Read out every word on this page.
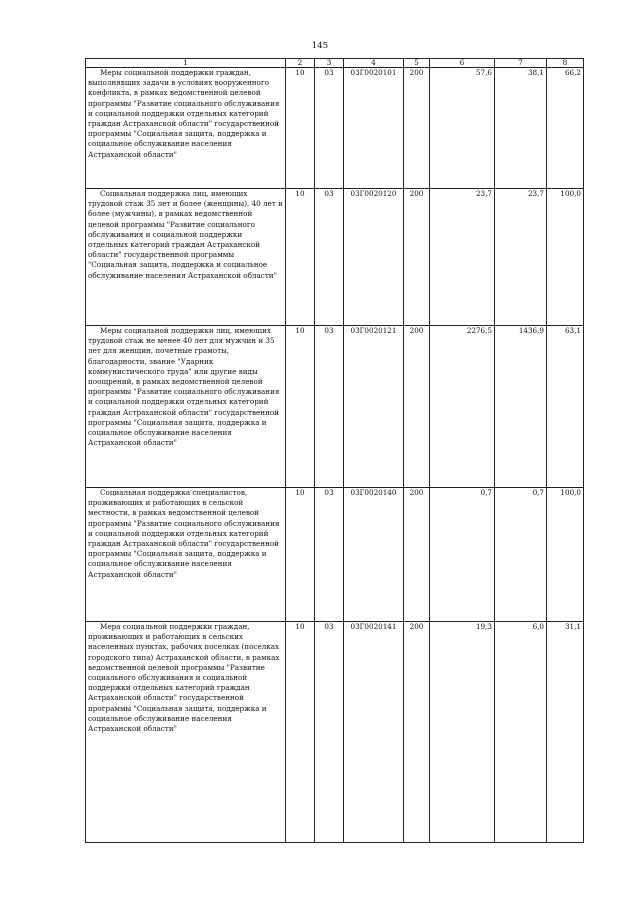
145
1	2	3	4	5	6	7	8
Меры социальной поддержки граждан, выполнявших задачи в условиях вооруженного конфликта, в рамках ведомственной целевой программы "Развитие социального обслуживания и социальной поддержки отдельных категорий граждан Астраханской области" государственной программы "Социальная защита, поддержка и социальное обслуживание населения Астраханской области"	10	03	03Г0020101	200	57,6	38,1	66,2
Социальная поддержка лиц, имеющих трудовой стаж 35 лет и более (женщины), 40 лет и более (мужчины), в рамках ведомственной целевой программы "Развитие социального обслуживания и социальной поддержки отдельных категорий граждан Астраханской области" государственной программы "Социальная защита, поддержка и социальное обслуживание населения Астраханской области"	10	03	03Г0020120	200	23,7	23,7	100,0
Меры социальной поддержки лиц, имеющих трудовой стаж не менее 40 лет для мужчин и 35 лет для женщин, почетные грамоты, благодарности, звание "Ударник коммунистического труда" или другие виды поощрений, в рамках ведомственной целевой программы "Развитие социального обслуживания и социальной поддержки отдельных категорий граждан Астраханской области" государственной программы "Социальная защита, поддержка и социальное обслуживание населения Астраханской области"	10	03	03Г0020121	200	2276,5	1436,9	63,1
Социальная поддержка специалистов, проживающих и работающих в сельской местности, в рамках ведомственной целевой программы "Развитие социального обслуживания и социальной поддержки отдельных категорий граждан Астраханской области" государственной программы "Социальная защита, поддержка и социальное обслуживание населения Астраханской области"	10	03	03Г0020140	200	0,7	0,7	100,0
Мера социальной поддержки граждан, проживающих и работающих в сельских населенных пунктах, рабочих поселках (поселках городского типа) Астраханской области, в рамках ведомственной целевой программы "Развитие социального обслуживания и социальной поддержки отдельных категорий граждан Астраханской области" государственной программы "Социальная защита, поддержка и социальное обслуживание населения Астраханской области"	10	03	03Г0020141	200	19,3	6,0	31,1
